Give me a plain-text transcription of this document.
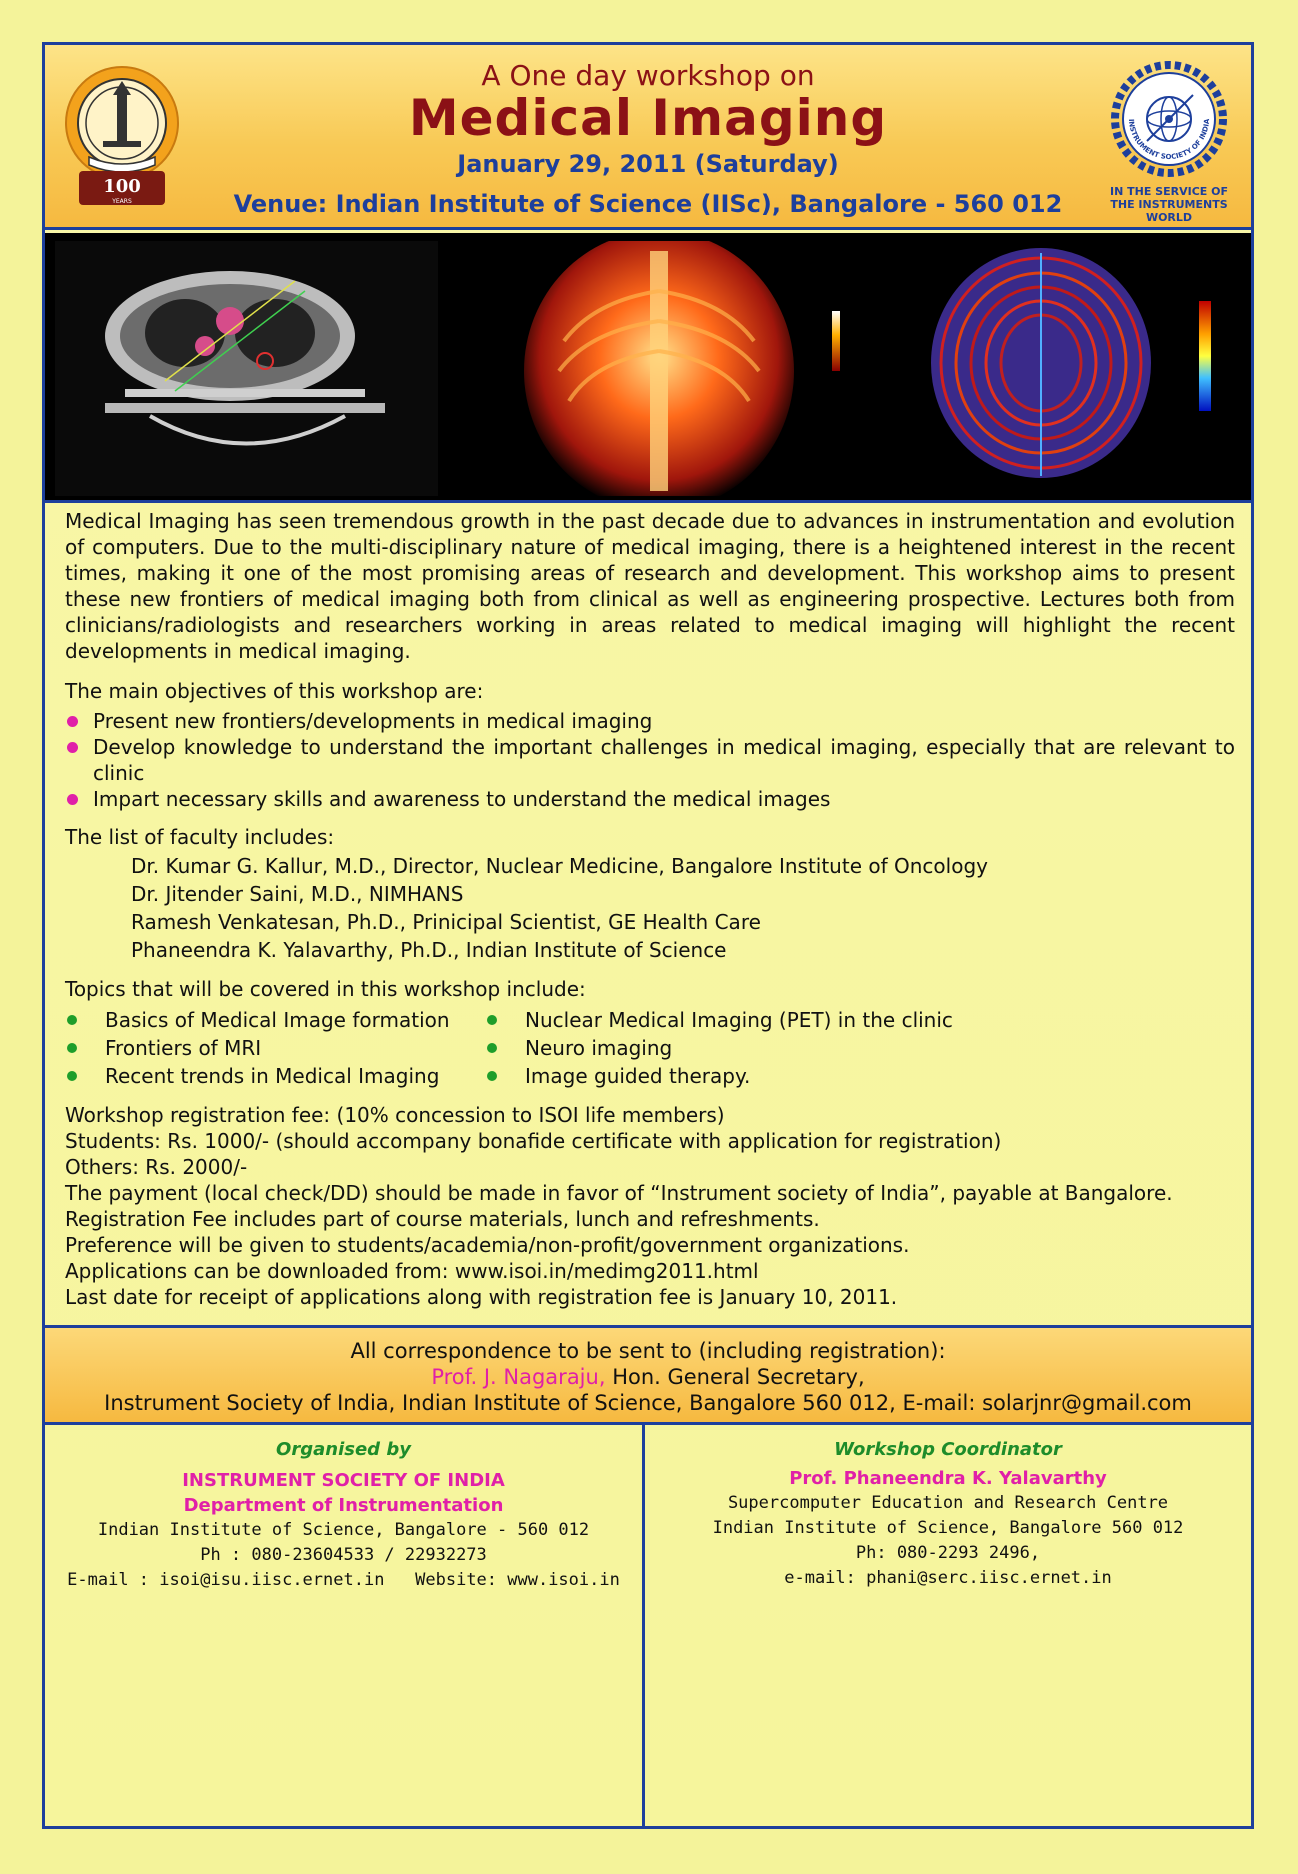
100
YEARS
A One day workshop on
Medical Imaging
January 29, 2011 (Saturday)
Venue: Indian Institute of Science (IISc), Bangalore - 560 012
INSTRUMENT SOCIETY OF INDIA
IN THE SERVICE OF THE INSTRUMENTS WORLD

Medical Imaging has seen tremendous growth in the past decade due to advances in instrumentation and evolution of computers. Due to the multi-disciplinary nature of medical imaging, there is a heightened interest in the recent times, making it one of the most promising areas of research and development. This workshop aims to present these new frontiers of medical imaging both from clinical as well as engineering prospective. Lectures both from clinicians/radiologists and researchers working in areas related to medical imaging will highlight the recent developments in medical imaging.

The main objectives of this workshop are:
Present new frontiers/developments in medical imaging
Develop knowledge to understand the important challenges in medical imaging, especially that are relevant to clinic
Impart necessary skills and awareness to understand the medical images
The list of faculty includes:
Dr. Kumar G. Kallur, M.D., Director, Nuclear Medicine, Bangalore Institute of Oncology
Dr. Jitender Saini, M.D., NIMHANS
Ramesh Venkatesan, Ph.D., Prinicipal Scientist, GE Health Care
Phaneendra K. Yalavarthy, Ph.D., Indian Institute of Science
Topics that will be covered in this workshop include:
Basics of Medical Image formation
Frontiers of MRI
Recent trends in Medical Imaging
Nuclear Medical Imaging (PET) in the clinic
Neuro imaging
Image guided therapy.

Workshop registration fee: (10% concession to ISOI life members)

Students: Rs. 1000/- (should accompany bonafide certificate with application for registration)

Others: Rs. 2000/-

The payment (local check/DD) should be made in favor of “Instrument society of India”, payable at Bangalore.

Registration Fee includes part of course materials, lunch and refreshments.

Preference will be given to students/academia/non-profit/government organizations.

Applications can be downloaded from: www.isoi.in/medimg2011.html

Last date for receipt of applications along with registration fee is January 10, 2011.

All correspondence to be sent to (including registration):
Prof. J. Nagaraju, Hon. General Secretary,
Instrument Society of India, Indian Institute of Science, Bangalore 560 012, E-mail: solarjnr@gmail.com
Organised by
INSTRUMENT SOCIETY OF INDIA
Department of Instrumentation
Indian Institute of Science, Bangalore - 560 012
Ph : 080-23604533 / 22932273
E-mail : isoi@isu.iisc.ernet.in   Website: www.isoi.in
Workshop Coordinator
Prof. Phaneendra K. Yalavarthy
Supercomputer Education and Research Centre
Indian Institute of Science, Bangalore 560 012
Ph: 080-2293 2496,
e-mail: phani@serc.iisc.ernet.in
